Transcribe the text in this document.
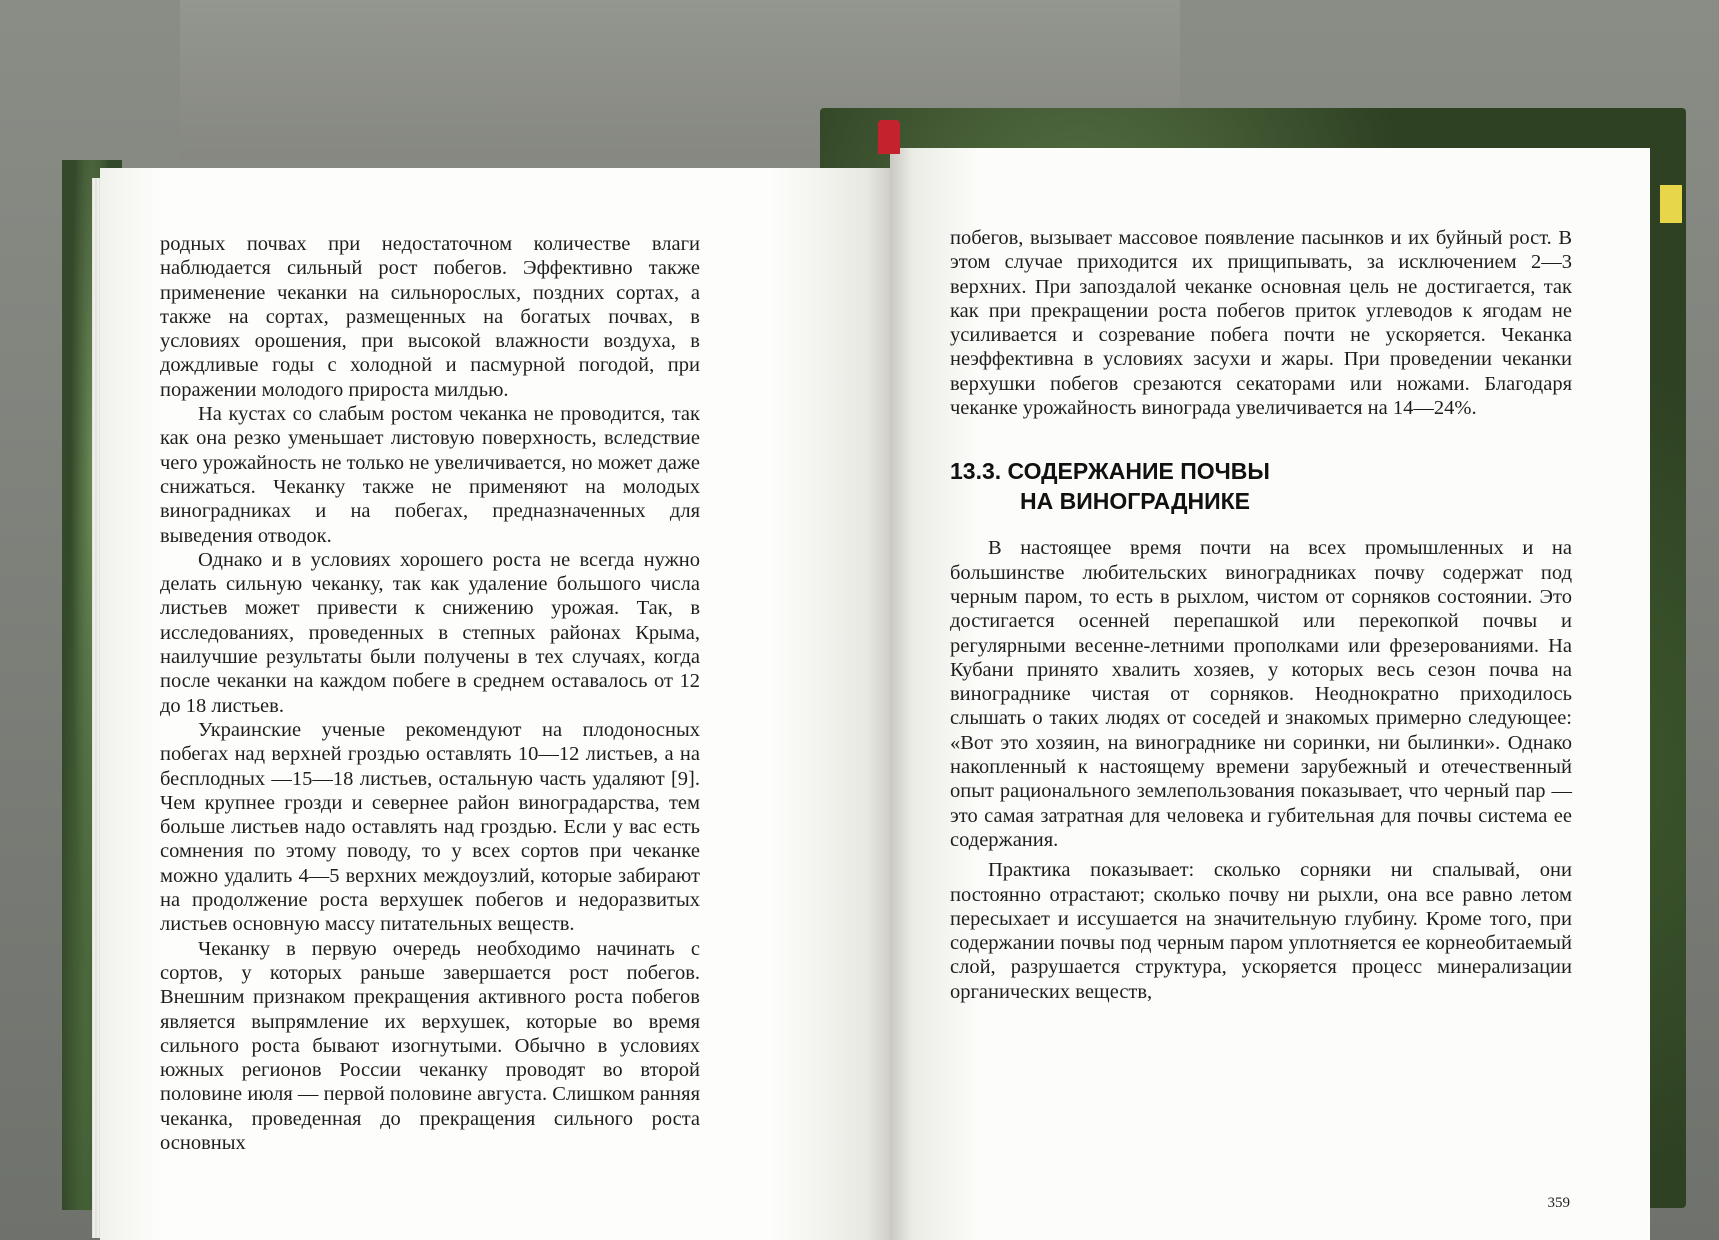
родных почвах при недостаточном количестве влаги наблюдается сильный рост побегов. Эффективно также применение чеканки на сильнорослых, поздних сортах, а также на сортах, размещенных на богатых почвах, в условиях орошения, при высокой влажности воздуха, в дождливые годы с холодной и пасмурной погодой, при поражении молодого прироста милдью.

На кустах со слабым ростом чеканка не проводится, так как она резко уменьшает листовую поверхность, вследствие чего урожайность не только не увеличивается, но может даже снижаться. Чеканку также не применяют на молодых виноградниках и на побегах, предназначенных для выведения отводок.

Однако и в условиях хорошего роста не всегда нужно делать сильную чеканку, так как удаление большого числа листьев может привести к снижению урожая. Так, в исследованиях, проведенных в степных районах Крыма, наилучшие результаты были получены в тех случаях, когда после чеканки на каждом побеге в среднем оставалось от 12 до 18 листьев.

Украинские ученые рекомендуют на плодоносных побегах над верхней гроздью оставлять 10—12 листьев, а на бесплодных —15—18 листьев, остальную часть удаляют [9]. Чем крупнее грозди и севернее район виноградарства, тем больше листьев надо оставлять над гроздью. Если у вас есть сомнения по этому поводу, то у всех сортов при чеканке можно удалить 4—5 верхних междоузлий, которые забирают на продолжение роста верхушек побегов и недоразвитых листьев основную массу питательных веществ.

Чеканку в первую очередь необходимо начинать с сортов, у которых раньше завершается рост побегов. Внешним признаком прекращения активного роста побегов является выпрямление их верхушек, которые во время сильного роста бывают изогнутыми. Обычно в условиях южных регионов России чеканку проводят во второй половине июля — первой половине августа. Слишком ранняя чеканка, проведенная до прекращения сильного роста основных

побегов, вызывает массовое появление пасынков и их буйный рост. В этом случае приходится их прищипывать, за исключением 2—3 верхних. При запоздалой чеканке основная цель не достигается, так как при прекращении роста побегов приток углеводов к ягодам не усиливается и созревание побега почти не ускоряется. Чеканка неэффективна в условиях засухи и жары. При проведении чеканки верхушки побегов срезаются секаторами или ножами. Благодаря чеканке урожайность винограда увеличивается на 14—24%.

13.3. СОДЕРЖАНИЕ ПОЧВЫ
НА ВИНОГРАДНИКЕ

В настоящее время почти на всех промышленных и на большинстве любительских виноградниках почву содержат под черным паром, то есть в рыхлом, чистом от сорняков состоянии. Это достигается осенней перепашкой или перекопкой почвы и регулярными весенне-летними прополками или фрезерованиями. На Кубани принято хвалить хозяев, у которых весь сезон почва на винограднике чистая от сорняков. Неоднократно приходилось слышать о таких людях от соседей и знакомых примерно следующее: «Вот это хозяин, на винограднике ни соринки, ни былинки». Однако накопленный к настоящему времени зарубежный и отечественный опыт рационального землепользования показывает, что черный пар — это самая затратная для человека и губительная для почвы система ее содержания.

Практика показывает: сколько сорняки ни спалывай, они постоянно отрастают; сколько почву ни рыхли, она все равно летом пересыхает и иссушается на значительную глубину. Кроме того, при содержании почвы под черным паром уплотняется ее корнеобитаемый слой, разрушается структура, ускоряется процесс минерализации органических веществ,

359
